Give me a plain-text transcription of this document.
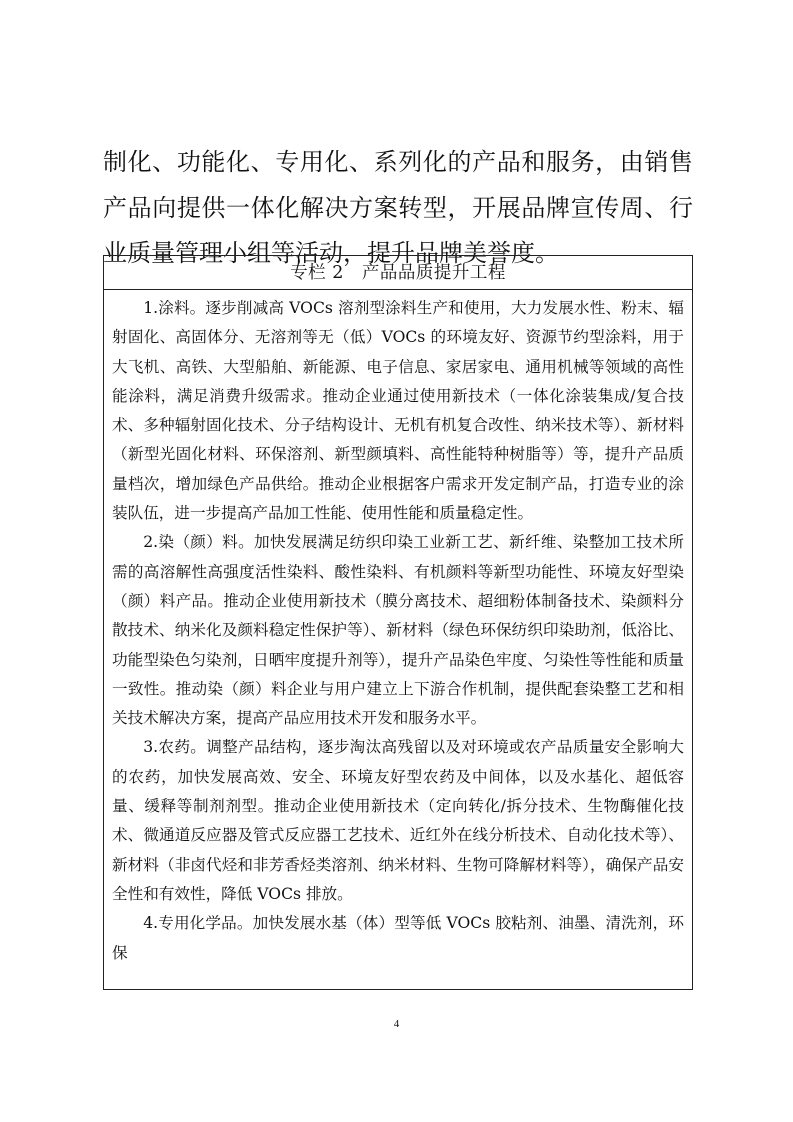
制化、功能化、专用化、系列化的产品和服务，由销售产品向提供一体化解决方案转型，开展品牌宣传周、行业质量管理小组等活动，提升品牌美誉度。

专栏 2　产品品质提升工程

1.涂料。逐步削减高 VOCs 溶剂型涂料生产和使用，大力发展水性、粉末、辐射固化、高固体分、无溶剂等无（低）VOCs 的环境友好、资源节约型涂料，用于大飞机、高铁、大型船舶、新能源、电子信息、家居家电、通用机械等领域的高性能涂料，满足消费升级需求。推动企业通过使用新技术（一体化涂装集成/复合技术、多种辐射固化技术、分子结构设计、无机有机复合改性、纳米技术等）、新材料（新型光固化材料、环保溶剂、新型颜填料、高性能特种树脂等）等，提升产品质量档次，增加绿色产品供给。推动企业根据客户需求开发定制产品，打造专业的涂装队伍，进一步提高产品加工性能、使用性能和质量稳定性。

2.染（颜）料。加快发展满足纺织印染工业新工艺、新纤维、染整加工技术所需的高溶解性高强度活性染料、酸性染料、有机颜料等新型功能性、环境友好型染（颜）料产品。推动企业使用新技术（膜分离技术、超细粉体制备技术、染颜料分散技术、纳米化及颜料稳定性保护等）、新材料（绿色环保纺织印染助剂，低浴比、功能型染色匀染剂，日晒牢度提升剂等），提升产品染色牢度、匀染性等性能和质量一致性。推动染（颜）料企业与用户建立上下游合作机制，提供配套染整工艺和相关技术解决方案，提高产品应用技术开发和服务水平。

3.农药。调整产品结构，逐步淘汰高残留以及对环境或农产品质量安全影响大的农药，加快发展高效、安全、环境友好型农药及中间体，以及水基化、超低容量、缓释等制剂剂型。推动企业使用新技术（定向转化/拆分技术、生物酶催化技术、微通道反应器及管式反应器工艺技术、近红外在线分析技术、自动化技术等）、新材料（非卤代烃和非芳香烃类溶剂、纳米材料、生物可降解材料等），确保产品安全性和有效性，降低 VOCs 排放。

4.专用化学品。加快发展水基（体）型等低 VOCs 胶粘剂、油墨、清洗剂，环保

4
